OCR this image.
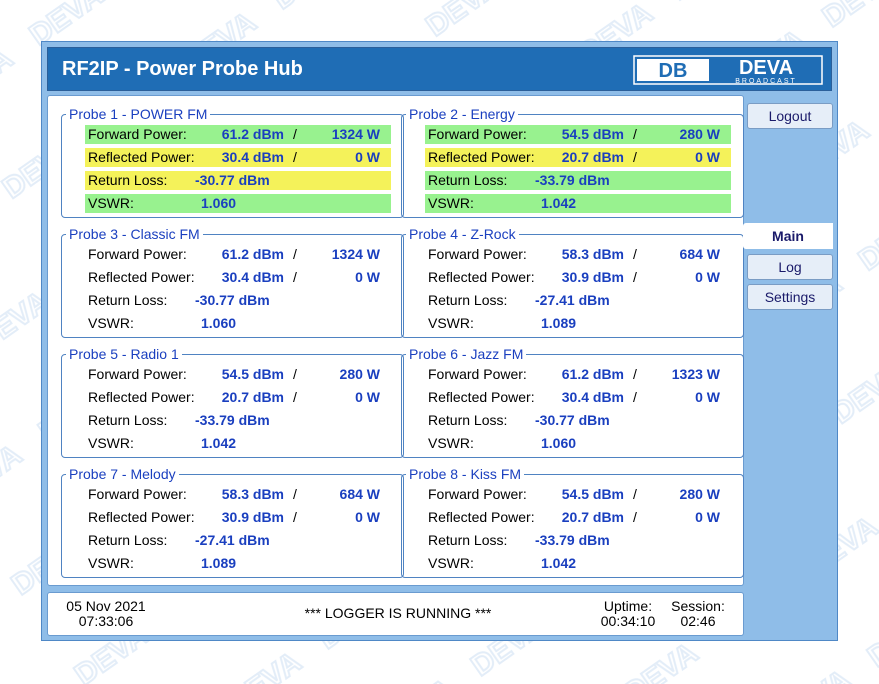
RF2IP - Power Probe Hub	DB	DEVA
BROADCAST
Probe 1 - POWER FM
Forward Power: 61.2 dBm / 1324 W
Reflected Power: 30.4 dBm /	0 W
Return Loss: -30.77 dBm
VSWR:	1.060
Probe 2 - Energy
Forward Power: 54.5 dBm /	280 W
Reflected Power: 20.7 dBm /	0 W
Return Loss: -33.79 dBm
VSWR:	1.042
Probe 3 - Classic FM
Forward Power: 61.2 dBm / 1324 W
Reflected Power: 30.4 dBm /	0 W
Return Loss: -30.77 dBm
VSWR:	1.060
Probe 4 - Z-Rock
Forward Power: 58.3 dBm /	684 W
Reflected Power: 30.9 dBm /	0 W
Return Loss: -27.41 dBm
VSWR:	1.089
Probe 5 - Radio 1
Forward Power: 54.5 dBm /	280 W
Reflected Power: 20.7 dBm /	0 W
Return Loss: -33.79 dBm
VSWR:	1.042
Probe 6 - Jazz FM
Forward Power: 61.2 dBm / 1323 W
Reflected Power: 30.4 dBm /	0 W
Return Loss: -30.77 dBm
VSWR:	1.060
Probe 7 - Melody
Forward Power: 58.3 dBm /	684 W
Reflected Power: 30.9 dBm /	0 W
Return Loss: -27.41 dBm
VSWR:	1.089
Probe 8 - Kiss FM
Forward Power: 54.5 dBm /	280 W
Reflected Power: 20.7 dBm /	0 W
Return Loss: -33.79 dBm
VSWR:	1.042
Logout
Main
Log
Settings
05 Nov 2021
07:33:06	*** LOGGER IS RUNNING ***	Uptime:
00:34:10
Session:
02:46
